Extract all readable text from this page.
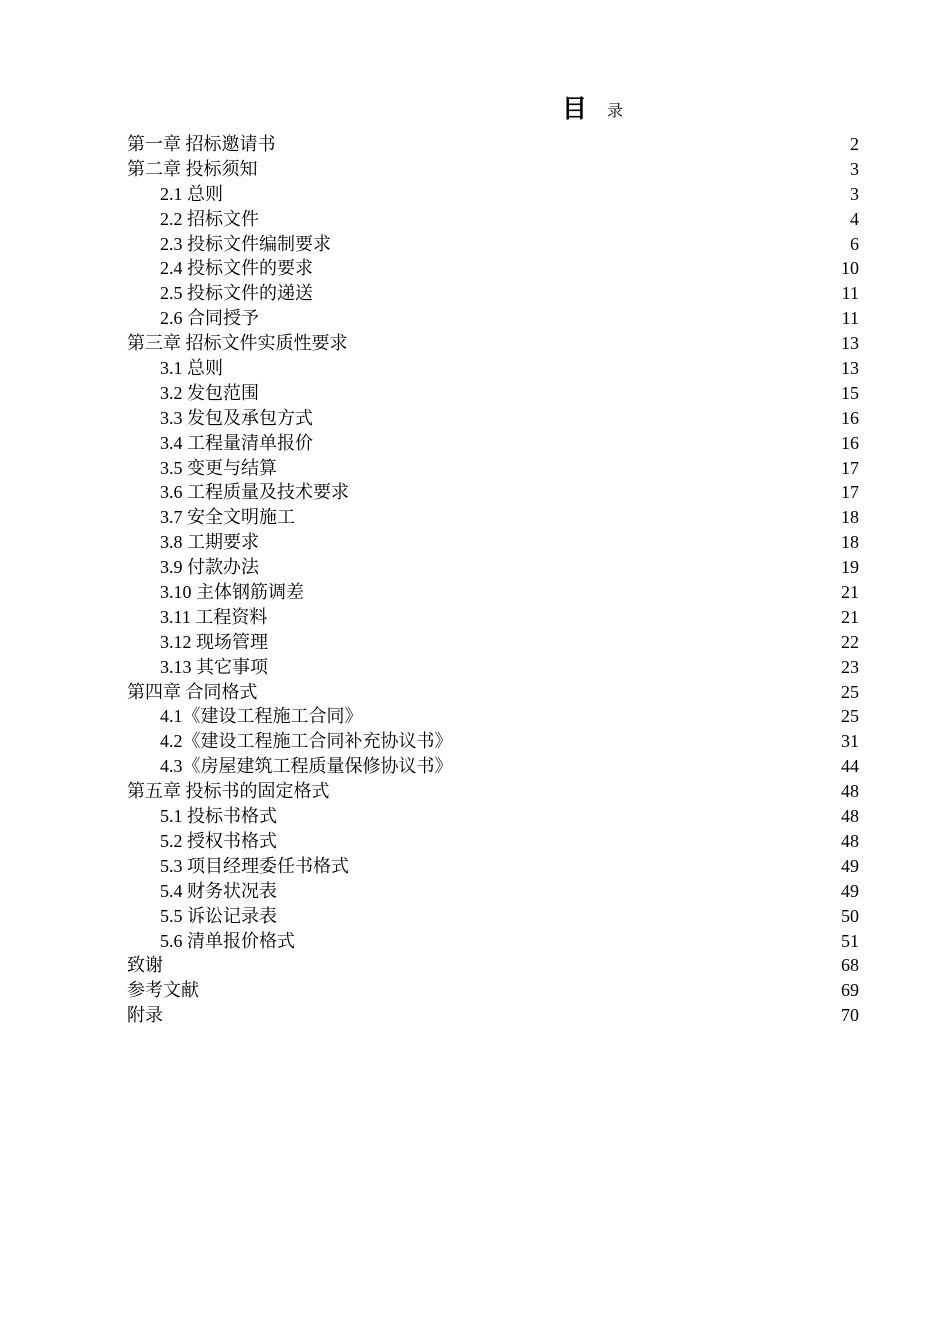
目 录
第一章 招标邀请书	2
第二章 投标须知	3
2.1 总则	3
2.2 招标文件	4
2.3 投标文件编制要求	6
2.4 投标文件的要求	10
2.5 投标文件的递送	11
2.6 合同授予	11
第三章 招标文件实质性要求	13
3.1 总则	13
3.2 发包范围	15
3.3 发包及承包方式	16
3.4 工程量清单报价	16
3.5 变更与结算	17
3.6 工程质量及技术要求	17
3.7 安全文明施工	18
3.8 工期要求	18
3.9 付款办法	19
3.10 主体钢筋调差	21
3.11 工程资料	21
3.12 现场管理	22
3.13 其它事项	23
第四章 合同格式	25
4.1《建设工程施工合同》	25
4.2《建设工程施工合同补充协议书》	31
4.3《房屋建筑工程质量保修协议书》	44
第五章 投标书的固定格式	48
5.1 投标书格式	48
5.2 授权书格式	48
5.3 项目经理委任书格式	49
5.4 财务状况表	49
5.5 诉讼记录表	50
5.6 清单报价格式	51
致谢	68
参考文献	69
附录	70
